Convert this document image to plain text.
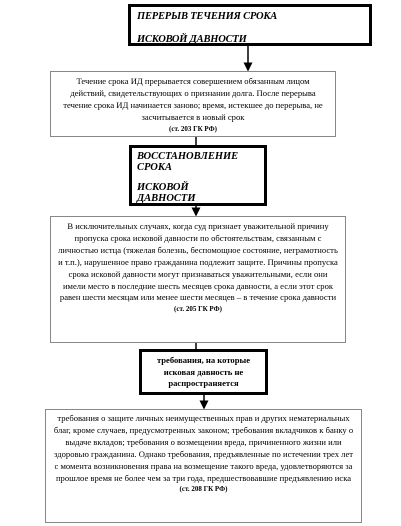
ПЕРЕРЫВ ТЕЧЕНИЯ СРОКА
ИСКОВОЙ ДАВНОСТИ

Течение срока ИД прерывается совершением обязанным лицом действий, свидетельствующих о признании долга. После перерыва течение срока ИД начинается заново; время, истекшее до перерыва, не засчитывается в новый срок

(ст. 203 ГК РФ)

ВОССТАНОВЛЕНИЕ
СРОКА
ИСКОВОЙ
ДАВНОСТИ

В исключительных случаях, когда суд признает уважительной причину пропуска срока исковой давности по обстоятельствам, связанным с личностью истца (тяжелая болезнь, беспомощное состояние, неграмотность и т.п.), нарушенное право гражданина подлежит защите. Причины пропуска срока исковой давности могут признаваться уважительными, если они имели место в последние шесть месяцев срока давности, а если этот срок равен шести месяцам или менее шести месяцев – в течение срока давности

(ст. 205 ГК РФ)

требования, на которые исковая давность не распространяется

требования о защите личных неимущественных прав и других нематериальных благ, кроме случаев, предусмотренных законом; требования вкладчиков к банку о выдаче вкладов; требования о возмещении вреда, причиненного жизни или здоровью гражданина. Однако требования, предъявленные по истечении трех лет с момента возникновения права на возмещение такого вреда, удовлетворяются за прошлое время не более чем за три года, предшествовавшие предъявлению иска

(ст. 208 ГК РФ)
